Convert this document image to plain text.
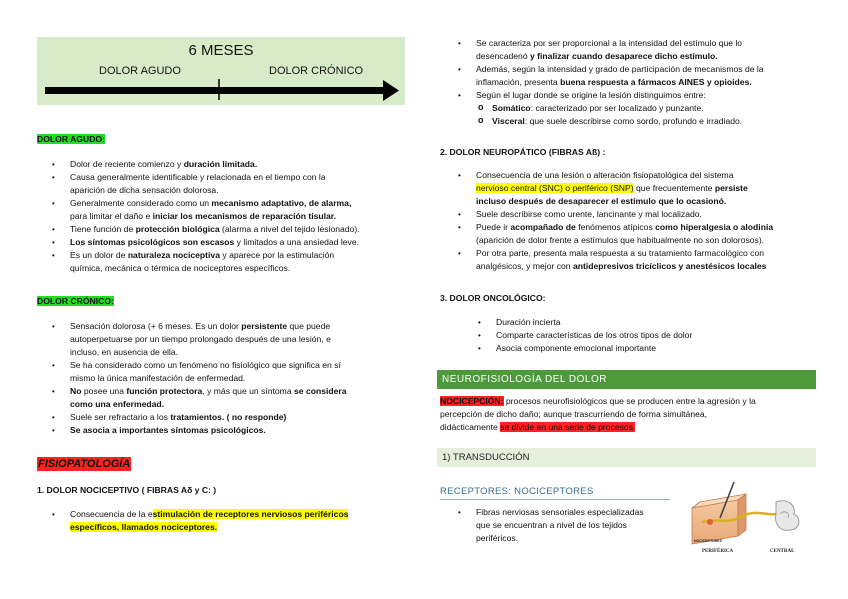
6 MESES
DOLOR AGUDO	DOLOR CRÓNICO
DOLOR AGUDO:
• Dolor de reciente comienzo y duración limitada.
• Causa generalmente identificable y relacionada en el tiempo con la
aparición de dicha sensación dolorosa.
• Generalmente considerado como un mecanismo adaptativo, de alarma,
para limitar el daño e iniciar los mecanismos de reparación tisular.
• Tiene función de protección biológica (alarma a nivel del tejido lesionado).
• Los síntomas psicológicos son escasos y limitados a una ansiedad leve.
• Es un dolor de naturaleza nociceptiva y aparece por la estimulación
química, mecánica o térmica de nociceptores específicos.
DOLOR CRÓNICO:
• Sensación dolorosa (+ 6 meses. Es un dolor persistente que puede
autoperpetuarse por un tiempo prolongado después de una lesión, e
incluso, en ausencia de ella.
• Se ha considerado como un fenómeno no fisiológico que significa en sí
mismo la única manifestación de enfermedad.
• No posee una función protectora, y más que un síntoma se considera
como una enfermedad.
• Suele ser refractario a los tratamientos. ( no responde)
• Se asocia a importantes síntomas psicológicos.
FISIOPATOLOGÍA
1. DOLOR NOCICEPTIVO ( FIBRAS Aδ y C: )
• Consecuencia de la estimulación de receptores nerviosos periféricos
específicos, llamados nociceptores.
• Se caracteriza por ser proporcional a la intensidad del estímulo que lo
desencadenó y finalizar cuando desaparece dicho estímulo.
• Además, según la intensidad y grado de participación de mecanismos de la
inflamación, presenta buena respuesta a fármacos AINES y opioides.
• Según el lugar donde se origine la lesión distinguimos entre:
o Somático: caracterizado por ser localizado y punzante.
o Visceral: que suele describirse como sordo, profundo e irradiado.
2. DOLOR NEUROPÁTICO (FIBRAS Aß) :
• Consecuencia de una lesión o alteración fisiopatológica del sistema
nervioso central (SNC) o periférico (SNP) que frecuentemente persiste
incluso después de desaparecer el estímulo que lo ocasionó.
• Suele describirse como urente, lancinante y mal localizado.
• Puede ir acompañado de fenómenos atípicos como hiperalgesia o alodinia
(aparición de dolor frente a estímulos que habitualmente no son dolorosos).
• Por otra parte, presenta mala respuesta a su tratamiento farmacológico con
analgésicos, y mejor con antidepresivos tricíclicos y anestésicos locales
3. DOLOR ONCOLÓGICO:
• Duración incierta
• Comparte características de los otros tipos de dolor
• Asocia componente emocional importante
NEUROFISIOLOGÍA DEL DOLOR
NOCICEPCIÓN: procesos neurofisiológicos que se producen entre la agresión y la
percepción de dicho daño; aunque trascurriendo de forma simultánea,
didácticamente se divide en una serie de procesos.
1) TRANSDUCCIÓN
RECEPTORES: NOCICEPTORES
• Fibras nerviosas sensoriales especializadas
que se encuentran a nivel de los tejidos
periféricos.	NOCICEPTORES
PERIFÉRICA	CENTRAL
